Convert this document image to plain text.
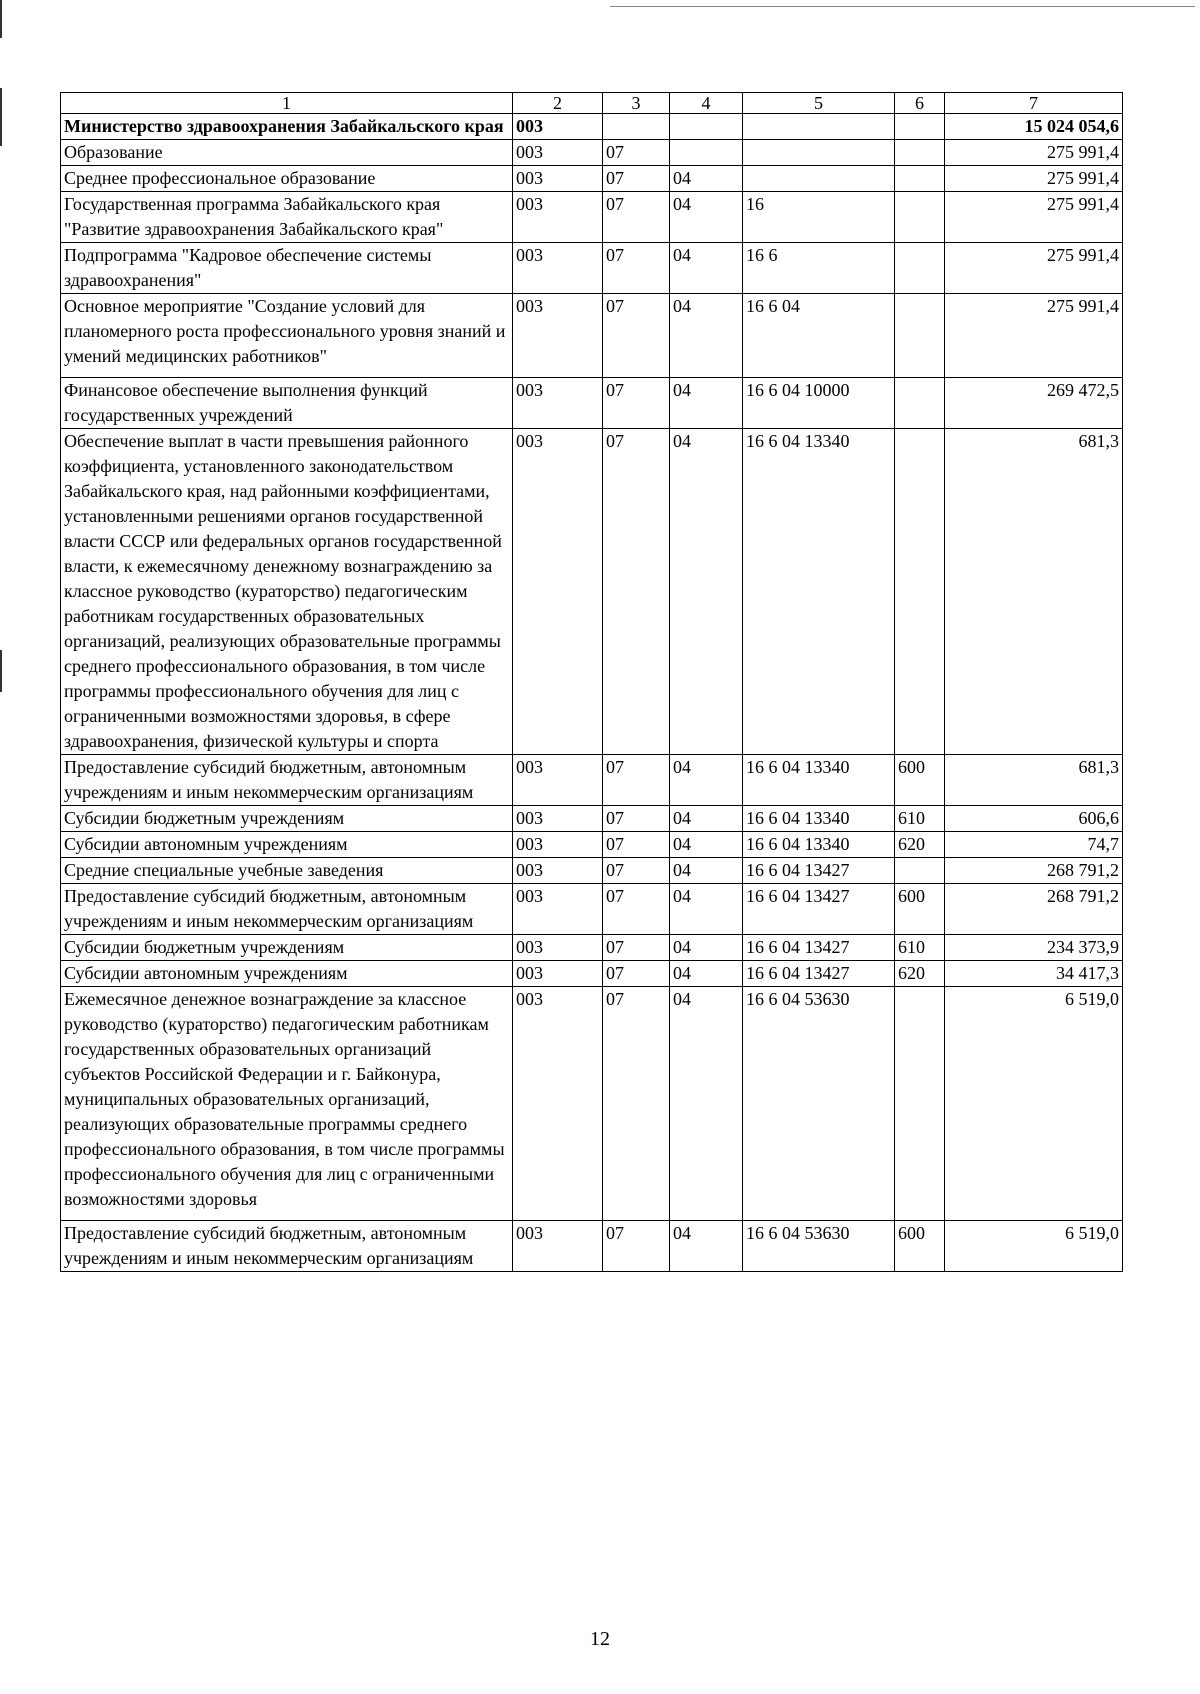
1	2	3	4	5	6	7
Министерство здравоохранения Забайкальского края	003					15 024 054,6
Образование	003	07				275 991,4
Среднее профессиональное образование	003	07	04			275 991,4
Государственная программа Забайкальского края "Развитие здравоохранения Забайкальского края"	003	07	04	16		275 991,4
Подпрограмма "Кадровое обеспечение системы здравоохранения"	003	07	04	16 6		275 991,4
Основное мероприятие "Создание условий для планомерного роста профессионального уровня знаний и умений медицинских работников"	003	07	04	16 6 04		275 991,4
Финансовое обеспечение выполнения функций государственных учреждений	003	07	04	16 6 04 10000		269 472,5
Обеспечение выплат в части превышения районного коэффициента, установленного законодательством Забайкальского края, над районными коэффициентами, установленными решениями органов государственной власти СССР или федеральных органов государственной власти, к ежемесячному денежному вознаграждению за классное руководство (кураторство) педагогическим работникам государственных образовательных организаций, реализующих образовательные программы среднего профессионального образования, в том числе программы профессионального обучения для лиц с ограниченными возможностями здоровья, в сфере здравоохранения, физической культуры и спорта	003	07	04	16 6 04 13340		681,3
Предоставление субсидий бюджетным, автономным учреждениям и иным некоммерческим организациям	003	07	04	16 6 04 13340	600	681,3
Субсидии бюджетным учреждениям	003	07	04	16 6 04 13340	610	606,6
Субсидии автономным учреждениям	003	07	04	16 6 04 13340	620	74,7
Средние специальные учебные заведения	003	07	04	16 6 04 13427		268 791,2
Предоставление субсидий бюджетным, автономным учреждениям и иным некоммерческим организациям	003	07	04	16 6 04 13427	600	268 791,2
Субсидии бюджетным учреждениям	003	07	04	16 6 04 13427	610	234 373,9
Субсидии автономным учреждениям	003	07	04	16 6 04 13427	620	34 417,3
Ежемесячное денежное вознаграждение за классное руководство (кураторство) педагогическим работникам государственных образовательных организаций субъектов Российской Федерации и г. Байконура, муниципальных образовательных организаций, реализующих образовательные программы среднего профессионального образования, в том числе программы профессионального обучения для лиц с ограниченными возможностями здоровья	003	07	04	16 6 04 53630		6 519,0
Предоставление субсидий бюджетным, автономным учреждениям и иным некоммерческим организациям	003	07	04	16 6 04 53630	600	6 519,0
12
